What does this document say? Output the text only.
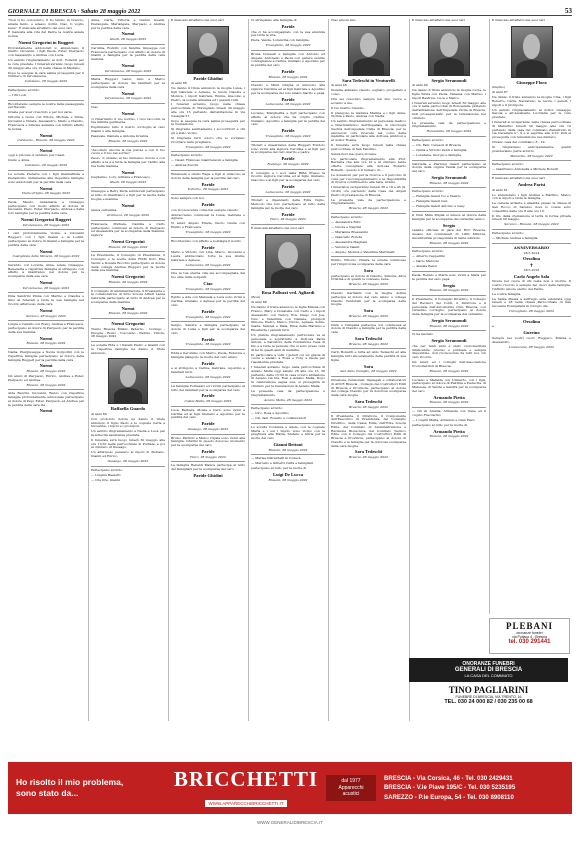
GIORNALE DI BRESCIA · Sabato 28 maggio 2022	53
"Non ti ho conosciuto, ti ho tenuto in braccio, amata tanto, e adesso dormi. Ciao, ti voglio bene". È mancata all'affetto dei suoi cari
È mancata alla vita del Padre la nostra amata nonna
Noemi Gregorini in Ruggeri
Profondamente addolorati lo annunciano il marito Giovanni, i figli Paola, Ester, Pierpaolo con Alessandro e Andrea con Lucia.
Un sentito ringraziamento ai dott. Follenzi per le cure prestate. I funerali avranno luogo lunedì 30 maggio alle ore 15 nella chiesa di Mairano.
Dopo le esequie la cara salma proseguirà per il Cimitero di Verolanuova.
Calvisano, 28 maggio 2022
Partecipano al lutto:
— I fili Lodi
Ricorderemo sempre le nostre belle passeggiate sul Navello.
Grazie per aver cresciuto e per noi varie.
Vittoria e Ivone con Ettore, Michele e Silvia, Giovanni e Chiara, Alessandro, Mario e Claudio, Francesca e Simone assieme con infiniti affetto la nonna
Noemi
Calvisano - Brescia, 28 maggio 2022
Noemi
oggi è più buio il sentiero per Caset.
Giulio e Anna.
Calvisano, 28 maggio 2022
Le sorelle Pierarte con i figli Gianbattista e Pierantonio unitamente alle rispettive famiglie sono addolorati per la perdita della cara
Noemi
Visino D'Iglio, 28 maggio 2022
Paola, Mauro, Annamaria e Giuseppe partecipano con molto affetto al dolore di Giovanni, Piero, Ester, Pierpaolo, Andrea e della loro famiglia per la perdita della cara
Noemi Gregorini Ruggeri
Verolanuova, 28 maggio 2022
I cari profondamente vicina, a Giovanni Ruggeri, con i figli Gianni e la Lodini, partecipano al dolore di Gianni e famiglia per la perdita della cara
Noemi
Castiglione delle Stiviere, 28 maggio 2022
Gerardo, con Loretta, Anna, Adele, Giuseppe, Benedetta e rispettive famiglie si stringono con affetto a Gianfranco nel dolore per la scomparsa della sua cara
Noemi
Verolanuova, 28 maggio 2022
Dina Sandrini Pinna con Marino e Claudia e Sino ai funerali a tutta la sua famiglia nel ricordo affettuoso della cara
Noemi
Sarezzo, 28 maggio 2022
Luigia e Camillo con Romy, Andrea e Francesca, partecipano al dolore di Pierpaolo per la perdita della sua mamma
Noemi
Brescia, 28 maggio 2022
Nadia, Piergiuseppe e Nevia Gorgodini con le rispettive famiglie partecipano al dolore della famiglia Ruggeri per la perdita della cara
Noemi
Brescia, 28 maggio 2022
Gli amici di Pierpaolo, Enrico, Andrea e Ester, Pierpaolo ed Andrea.
Brescia, 28 maggio 2022
Alda Bezzini, Giovanni, Renzo con rispettive famiglie profondamente addolorate partecipano al dolore di Pepi, Ester, Pierpaolo ed Andrea per la perdita della cara zia
Noemi
Anna, Carla, Vittoria e Gianni Gualdi, Pierangela, Mariangela, Pierpaolo e Andrea per la perdita della cara
Noemi
Ghedi, 28 maggio 2022
Carolina, Rodolfo con Sandra, Giuseppe con Francesca partecipano con affetto al dolore di Gianni e famiglia per la perdita della cara mamma
Noemi
Verolanuova, 28 maggio 2022
Maria Ruggeri Lanzi, Aldo e Marco partecipano al dolore dei familiari per la scomparsa della cara
Noemi
Verolanuova, 28 maggio 2022
Ciao
Noemi
ci rimarranno il tuo sorriso, i tuoi racconti, la tua infinita gentilezza.
Esprimiamo tutto il nostro cordoglio al caro Gianni e alla famiglia.
Pasquale, Daniela e Antonia Gravina
Brescia, 28 maggio 2022
"Ascolterò ancora la tua parola e con il tuo cuore e il tuo bel sorriso"
Paolo, ci uniamo al tuo immenso dolore e con affetto a te e a tutta la famiglia per l'addio alla tua bella mamma
Noemi
Guglielmo, Lory, Adriana e Francesco.
Ghedi, 28 maggio 2022
Giuseppe e Betty Perla addolorati partecipano al lutto di Gianfranco e figli per la morte della moglie e mamma
Noemi
amica carissima.
Orzinuovi, 28 maggio 2022
Francesca, Michele, Camilla e Carlo partecipano commossi al dolore di Pierpaolo ed Alessandra per la scomparsa della mamma, signora
Noemi Gregorini
Brescia, 28 maggio 2022
La Presidente, il Consiglio di Presidenza, il Consiglio e le scelte della FISM Dott. Elia Vacini e Donata Bocchio partecipano al dolore della collega Andrea Ruggeri per la morte della sua mamma
Noemi Gregorini
Brescia, 28 maggio 2022
Il Consiglio di Amministrazione, il Presidente e la collaboratrice di Sirio Scuola Alfieri Lanza Gabriella partecipano al lutto di Andrea per la scomparsa della mamma
Noemi
Brescia, 28 maggio 2022
Noemi Gregorini
Tremo Brescia Milano Paderno - Gorlago - Pisogne - Romo - Toscolano - Padule - Villore, 28 maggio 2022
La sorella Elda e i fratelli Pietro e Gianni con le rispettive famiglie ne danno il triste annuncio.
Raffaella Guardo
di anni 80
Con profondo dolore ne danno il triste annuncio il figlio Paolo e le cognate Carla e Giovanna, i nipoti e i pronipoti.
Un sentito ringraziamento a Nadia e Luca per la sollecita assistenza prestata.
Il funerale avrà luogo lunedì 30 maggio alle ore 10,30 nella parrocchiale di Pudiano e poi ai cimitero di Gussago.
Un affettuoso pensiero ai nipoti di Pudiano. Gianni ed Enrico.
Gussago, 28 maggio 2022
Partecipano al lutto:
— Luigina Bassetti
— Ore Ore, Gianni
È mancato all'affetto dei suoi cari
Paride Ghidini
di anni 86
Ne danno il triste annuncio la moglie Luisa, i figli Gabriele e Agnese, le nuore Claudia e Monica, i nipoti Gabriele, Emma, Giacomo e Pietro, la sorella Annalisa ed i parenti tutti.
I funerali avranno luogo nella chiesa parrocchiale di Travagliato lunedì 30 maggio alle ore 15 partendo dall'abitazione in via Casaglia 27.
Dopo le esequie la cara salma proseguirà per la cremazione.
Si ringrazia sentitamente i soccorritori e chi gli è stato vicino.
Si ringrazia tutti coloro che lo vorranno ricordare nelle preghiere.
Travagliato, 28 maggio 2022
Partecipano al lutto:
— Ossar, Franzoso Gianfrenzoni e famiglia
— Andrea Zucchi
Emanuela e Giulio Raga e figli si uniscono al dolore della famiglia per la perdita del caro
Paride
Volturno, 28 maggio 2022
Sono sempre con noi.
Paride
con riconoscenza come hai sempre vissuto.
Abbracciamo commossi la Luisa, Gabriele e Agnese.
Vi amici Angelo Eliade, Paolo, Giulia con Emilio e Francesca.
Travagliato, 28 maggio 2022
Ricorderemo con affetto e nostalgia il nostro
Paride
Mario e Vittorio con Lina, Marco, Giovanni e Laura, abbracciano forte la sua Giulia, Gabriele e Agnese.
Lumezzane, 28 maggio 2022
Che la tua eterna vita sia accompagnata dal tuo stile mille sorgenti.
Ciao
Travagliato, 28 maggio 2022
Egidio e Ada con Manuela e Luca sono vicini a Carlina, Giuliano e Agnese per la perdita del caro
Paride
Travagliato, 28 maggio 2022
Sergio, Sandra e famiglia partecipano al dolore di Luisa e figli per la scomparsa del caro
Paride
Travagliato, 28 maggio 2022
Edda e Geronimo con Marco, Paola, Federica e famiglia piangono la morte del caro amico
Paride
e si stringono a Carina, Gabriele, Agostino e familiari tutti.
Lumezzane, 28 maggio 2022
La famiglia Fornasari ed i vicini partecipano al lutto dei familiari per la scomparsa del caro
Paride
Castel Mella, 28 maggio 2022
Luca, Barbara, Monia e Carlo sono vicini a Carlina ed ai figli Giuliano e Agostino per la perdita del caro
Paride
Gussago, 28 maggio 2022
Bruno, Patrizio e Marco Cigala sono vicini alla famiglia, Ghidini in questo doloroso momento per la scomparsa del caro
Paride
Flero, 28 maggio 2022
La famiglia Rebuldi Manca partecipa al lutto dei famigliari per la scomparsa del caro
Paride Ghidini
Ci stringiamo alla famiglia di
Paride
che ci ha accompagnato con la sua amicizia per tutta la vita.
Piera, Vanda, Lorenzina con famiglie.
Travagliato, 28 maggio 2022
Bruna Donzelli e famiglia con Antonio ed Angela, Antonello e Paola con genere sentite condoglianze a Carina, Giuliano e Agostino per la perdita del caro
Paride
Brescia, 28 maggio 2022
Claudio e Mimi Ghigna si uniscono alla signora Carolina ed ai figli Gabriele e Agostino per la scomparsa del loro amato marito e papà
Paride
Lumezzane, 28 maggio 2022
Luciano, Margherita e figli partecipano con affetto al dolore che ha colpito Carina, Giuliano, Agostino e famiglia per la perdita del caro
Paride
Travagliato, 28 maggio 2022
Titolari e maestranze della Ruggeri Fondolo sono vicini alla signora Carolina e ai figli per la scomparsa del caro marito e padre
Paride
Rodengo, 28 maggio 2022
Il consiglio e i soci della RIBA Presso la ricordo signora Carolina ed al figlio Giuliano, Giacomo e ai figli per la scomparsa del caro
Paride
Lumezzane, 28 maggio 2022
Titolari e dipendenti della Edra Ciglio, Mencolo che loro partecipano al lutto della famiglia per la morte del caro
Paride
Flero, 28 maggio 2022
È mancata all'affetto dei suoi cari
Rosa Palluzzi ved. Agliardi
(Rosi)
di anni 88
Ne danno il triste annuncio le figlie Milena con Franco, Mary e Donatella con Carlo e i nipoti Alessandro con Nancy, Eva, Diego con Joa, Nico e Valentina con Daniele, pronipoti Simone, Pietro, Marco, Nicolo, Agnese, Sonia, Giada, Samuel e Mala, Elisa della Mariano e Elisabetta i parenti tutti.
Un grande ringraziamento particolare va al personale e soprattutto a Dott.ssa Paola Antoni, a Salvatore della Fondazione Casa di Dio e a tutte le persone che si sono prese cura di lei in questi anni di malattia.
In particolare a tutti i generi cui un grazie di cuore e andato a Rosa e Tony e Paola per l'assistenza prestata.
I funerali avranno luogo nella parrocchiale di Azzano Mella oggi sabato 28 alle ore 15, 30 partendo dalle 15:20 in casa ovvero abitazione di Azzano via Via. Rosi a Azzano Mella. Dopo la celebrazione segna sua, si proseguirà in cimitero per le tumulazioni di Azzano Mella.
La presente vale da partecipazione e ringraziamento.
Azzano Mella, 28 maggio 2022
Partecipano al lutto:
— Ciro, Rosa e Agostino
— Cin, fam. Rosario e collaboratori
Le sorelle Costanza e Adele, con le cognate Maria e i sui i nipoti, sono vicino con la preghiera alla Maria, Stefano e Silvia per la morte del caro
Gianni Bettoni
Brescia, 28 maggio 2022
— Marisa Ghirardelli in Codecà
— Marcello e Gilberti Carla e famigliari
partecipano al lutto per la morte di
Luigi De Lucca
Brescia, 28 maggio 2022
Ciao amore mio
Sara Tedeschi in Venturelli
di anni 46
Insieme abbiamo vissuto, sognato, progettato e corso.
Ora sei cresciuto sempre nel mio cuore e accanto a me.
Il tuo marito Claudio.
Il piangono la mamma Marina e i figli Anna, Vicinia e Paolo, Andrea con Nadia.
Un sentito ringraziamento al personale medico e infermieristico dell'Ospedale di Oncologia medica dell'ospedale Civile di Brescia, per le amorevoli cure ricevute nel corso della malattia, in particolare alla dott.ssa Ambrosi e al dottor Rosina.
Il funerale avrà luogo lunedì nella chiesa parrocchiale di San Faustino.
Senza fiori ma opere di bene.
Un particolare ringraziamento alla Prof. Berbena che alle ore 10 e al cimitero tante offerte consigliate alla dott.ssa Roberto Bolbetti - questo è il numero di...
Le donazioni per per la ricerca e il percorso di cure per l'accompagnamento e la disponibilità di ricerca contribuendo alla Sara. Grazie
I funerali si svolgeranno lunedì 30 e 16 e 45 (S. 16:45) ore partendo dalla Casa dei Angeli Pietro di prestazione di Brescia.
La presente vale da partecipazione e ringraziamento.
Brescia, 28 maggio 2022
Partecipano al lutto:
— Alessandra Biloi
— Nicola e Nagrini
— Marianna Bressanini
— Giancarlo Robola
— Alessandra Magnani
— Veronica Valent
— Angelo, Monica e Valentina Martinelli
Emilio, Vittorio, Chiara, le sorelle commosse per l'improvvisa scomparsa della cara
Sara
partecipano al dolore di Claudio, Simona, Alice Cristina e di quanti le volevano bene.
Brescia, 28 maggio 2022
Claudio Garibaldi con la moglie Aolina partecipa al dolore del caro amico e collega Claudio Venturelli per la scomparsa della moglie
Sara
Brescia, 28 maggio 2022
Gildo e Campana partecipa con commossa ai dolore di Claudio e famiglia per la perdita della cara
Sara Tedeschi
Brescia, 28 maggio 2022
Carlo Bonardi e tutta ad Aldo Tedeschi ed alla famiglia tutti sinceramente della perdita di sua figlia
Sara
San Zeno Naviglio, 28 maggio 2022
Direzione, funzionari, impiegati e collaboratori di ANCE Brescia - Collegio dei Costruttori Edili di Brescia e Provincia, partecipano al dolore del collega Claudio per la dolorosa scomparsa della cara moglie
Sara Tedeschi
Brescia, 28 maggio 2022
Il Presidente, il Direttore, il Componente dell'Esecutivo di Presidenza, del Consiglio Direttivo, della Cassa Edile, dell'Ente Scuola Edile, del Comitato di Amministrazione e Revisione Biotecnica, del Comitato Tecnico Edile con il Collegio dei Costruttori Edili di Brescia e Provincia, partecipano al dolore di Claudio e le famiglie per la dolorosa scomparsa della cara moglie
Sara Tedeschi
Brescia, 28 maggio 2022
È mancato all'affetto dei suoi cari
Sergio Seramondi
di anni 90
Ne danno il triste annuncio la moglie Lucia, le figlie Silvia con Paola, Vanessa con Matteo, i nipoti Beatrice, Luca e Marco.
I funerali avranno luogo lunedì 30 maggio alle ore 9 nella parrocchia di Roncadelle partendo dall'abitazione dell'Ospedale Civile di Brescia, indi proseguiranno per la tumulazione nel cimitero.
La presente vale da partecipazione e ringraziamento.
Roncadelle, 28 maggio 2022
Partecipano al lutto:
— On. Fam. Ceresoli di Brescia
— Giulia e Vittorio Penti e famiglia
— Loredana, Giorgio e famiglia
Gabriella e Pierluigi Galeri partecipano al dolore della cugina Vanda per la scomparsa del caro
Sergio Seramondi
Brescia, 28 maggio 2022
Partecipano al lutto:
— Famiglia Galeri Ivo e Valerio
— Famiglia Galeri Gen
— Famiglia Galeri Antonio e Gesy
Il Club Mille Miglia si unisce al dolore della famiglia per la scomparsa del carissimo amico
Sergio
valente officiale di gara del RCC Brescia, decano dei commissari di 1000 MIGLIA, insostituibile protagonista di tante edizioni.
Brescia, 28 maggio 2022
Partecipano al lutto:
— Alberto Cappellini
— Dario Marzoni
— Alessia Renzi
Paola, Renato e Maria sono vicini a Silvia per la perdita del caro papà
Sergio
Brescia, 28 maggio 2022
Il Presidente, il Consiglio Direttivo, il Collegio dei Revisori dei Conti, il Direttore e il personale dell'Automobile Club Brescia, con vivissimo cordoglio, partecipano al dolore della famiglia per la scomparsa del carissimo
Sergio Seramondi
Brescia, 28 maggio 2022
Ci ha lasciato
Sergio Seramondi
che per tanti anni è stato cronometrista infaticabile, preciso e puntuale e sempre disponibile, doti riconosciute da tutti noi. Un caro ricordo.
Gli amici ed i colleghi dell'Associazione Cronometristi di Brescia.
Brescia, 28 maggio 2022
Luciano e Mafalda con Umberto, con i figli, partecipano al dolore di Pietrina e Pieracria, di Manuela, di Vanda e Sandra per la scomparsa del caro
Armando Pietta
Brescia, 28 maggio 2022
— Gli zii Amidia, Armanda con Irene ed il cugino Fraccarino
— I cugini Maria, Armando e Gian Piero
partecipano al lutto per la morte di
Armando Pietta
Brescia, 28 maggio 2022
È mancato all'affetto dei suoi cari
Giuseppe Flora
(Pepino)
di anni 87
Ne danno il triste annuncio la moglie Cina, i figli Roberto, Carla, Nazzareno, la nuora, i generi, i nipoti e il pronipote.
Un sentito ringraziamento al dottor Giuseppe Savoia e all'Assistente Lucidaria per le cure prestate.
I funerali si svolgeranno nella chiesa parrocchiale di Manerbio lunedì 30 maggio alle ore 10 partendo dalla casa del commiato Zamarrello in via Cavallera n°, 9 e si esprime alle 9,10. Indi si proseguirà con tumulazione nel cimitero.
Orzano casa del commiato: 8 - 19.
Si ringraziano anticipatamente quanti prenderanno parte al lutto.
Manerbio, 28 maggio 2022
Partecipano al lutto:
— Gianfranco Antonella e Michele Bonetti
È mancato all'affetto dei suoi cari
Andrea Parisi
di anni 61
Lo annunciano i figli Andrea e Martino, Marco con le nipoti e tutta la famiglia.
La camera ardente è allestita presso la chiesa di San Rocco di Sarezzo dove lo volete sono consentite dalle ore 8 alle ore 19.
Il rito della cremazione si terrà in forma privata lunedì 30 maggio.
Sarezzo - Brescia, 28 maggio 2022
Partecipano al lutto:
— Michele Andrea e famiglia
ANNIVERSARIO
28.5.2014
Orsolina
✝
28.5.2016
Carlo Angelo Sala
Vivere nel cuore di chi resta non è morire. Il vostro ricordo è sempre nei cuori della famiglia, l'infinito amore eterno del Padre.
La vostra famiglia.
La Santa Messa a suffragio sarà celebrata oggi lunedì e 28 nella chiesa Parrocchiale di San Giovanni Evangelista in Giorgio dle.
Travagliato, 28 maggio 2022
Orsolina
e
Guerino
Sempre nei vostri cuori. Ruggero, Milena e Alessandro.
Lumezzane, 28 maggio 2022
PLEBANI
onoranze funebri
via Poltaco 4 - Brescia
tel. 030 291441
ONORANZE FUNEBRI
GENERALI DI BRESCIA
LA CASA DEL COMMIATO
TINO PAGLIARINI
FUNEBRE DI BRESCIA, VIA TRENTO, 16
TEL. 030 24 000 82 / 030 235 00 68
Ho risolto il mio problema,
sono stato da...
BRICCHETTI
WWW.APPARECCHIBRICCHETTI.IT
dal 1977
Apparecchi
acustici
BRESCIA - Via Corsica, 46 - Tel. 030 2429431
BRESCIA - V.le Piave 195/C - Tel. 030 5235195
SAREZZO - P.le Europa, 54 - Tel. 030 8908110
WWW.GENERALIDIBRESCIA.IT
